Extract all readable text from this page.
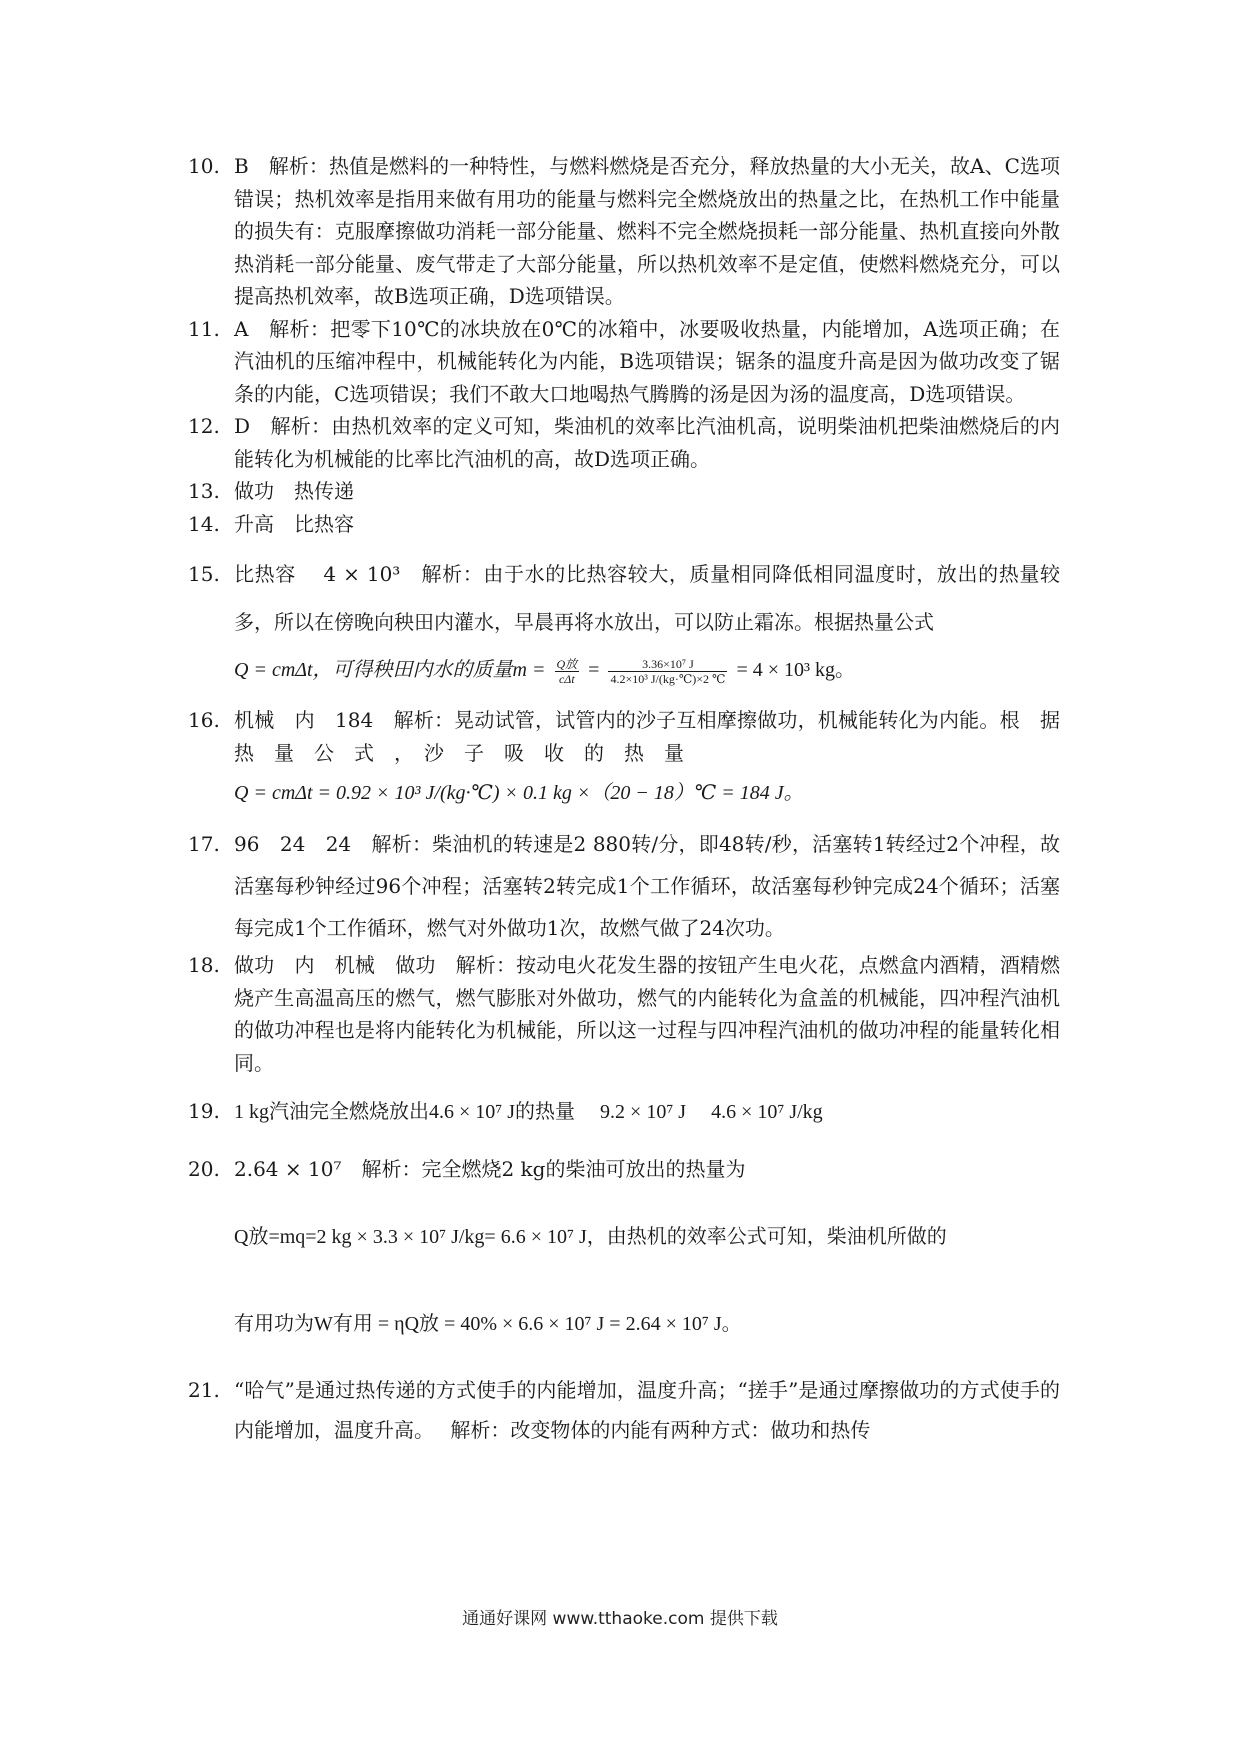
10. B　解析：热值是燃料的一种特性，与燃料燃烧是否充分，释放热量的大小无关，故A、C选项错误；热机效率是指用来做有用功的能量与燃料完全燃烧放出的热量之比，在热机工作中能量的损失有：克服摩擦做功消耗一部分能量、燃料不完全燃烧损耗一部分能量、热机直接向外散热消耗一部分能量、废气带走了大部分能量，所以热机效率不是定值，使燃料燃烧充分，可以提高热机效率，故B选项正确，D选项错误。

11. A　解析：把零下10℃的冰块放在0℃的冰箱中，冰要吸收热量，内能增加，A选项正确；在汽油机的压缩冲程中，机械能转化为内能，B选项错误；锯条的温度升高是因为做功改变了锯条的内能，C选项错误；我们不敢大口地喝热气腾腾的汤是因为汤的温度高，D选项错误。

12. D　解析：由热机效率的定义可知，柴油机的效率比汽油机高，说明柴油机把柴油燃烧后的内能转化为机械能的比率比汽油机的高，故D选项正确。

13. 做功　热传递

14. 升高　比热容

15. 比热容　 4 × 10³　解析：由于水的比热容较大，质量相同降低相同温度时，放出的热量较多，所以在傍晚向秧田内灌水，早晨再将水放出，可以防止霜冻。根据热量公式
Q = cmΔt，可得秧田内水的质量$m = \frac{\text{Q放}}{\text{cΔt}} = \frac{\text{3.36×10⁷ J}}{\text{4.2×10³ J/(kg·℃)×2 ℃}} = 4 \times 10^3$ kg。

16. 机械　内　184　解析：晃动试管，试管内的沙子互相摩擦做功，机械能转化为内能。根　据　热　量　公　式　，　沙　子　吸　收　的　热　量
Q = cmΔt = 0.92 × 10³ J/(kg·℃) × 0.1 kg ×（20 − 18）℃ = 184 J。

17. 96　24　24　解析：柴油机的转速是2 880转/分，即48转/秒，活塞转1转经过2个冲程，故活塞每秒钟经过96个冲程；活塞转2转完成1个工作循环，故活塞每秒钟完成24个循环；活塞每完成1个工作循环，燃气对外做功1次，故燃气做了24次功。

18. 做功　内　机械　做功　解析：按动电火花发生器的按钮产生电火花，点燃盒内酒精，酒精燃烧产生高温高压的燃气，燃气膨胀对外做功，燃气的内能转化为盒盖的机械能，四冲程汽油机的做功冲程也是将内能转化为机械能，所以这一过程与四冲程汽油机的做功冲程的能量转化相同。

19. 1 kg汽油完全燃烧放出4.6 × 10⁷ J的热量　 9.2 × 10⁷ J　 4.6 × 10⁷ J/kg

20. 2.64 × 10⁷　解析：完全燃烧2 kg的柴油可放出的热量为
Q放=mq=2 kg × 3.3 × 10⁷ J/kg= 6.6 × 10⁷ J，由热机的效率公式可知，柴油机所做的
有用功为W有用 = ηQ放 = 40% × 6.6 × 10⁷ J = 2.64 × 10⁷ J。

21. “哈气”是通过热传递的方式使手的内能增加，温度升高；“搓手”是通过摩擦做功的方式使手的内能增加，温度升高。　 解析：改变物体的内能有两种方式：做功和热传

通通好课网 www.tthaoke.com 提供下载
